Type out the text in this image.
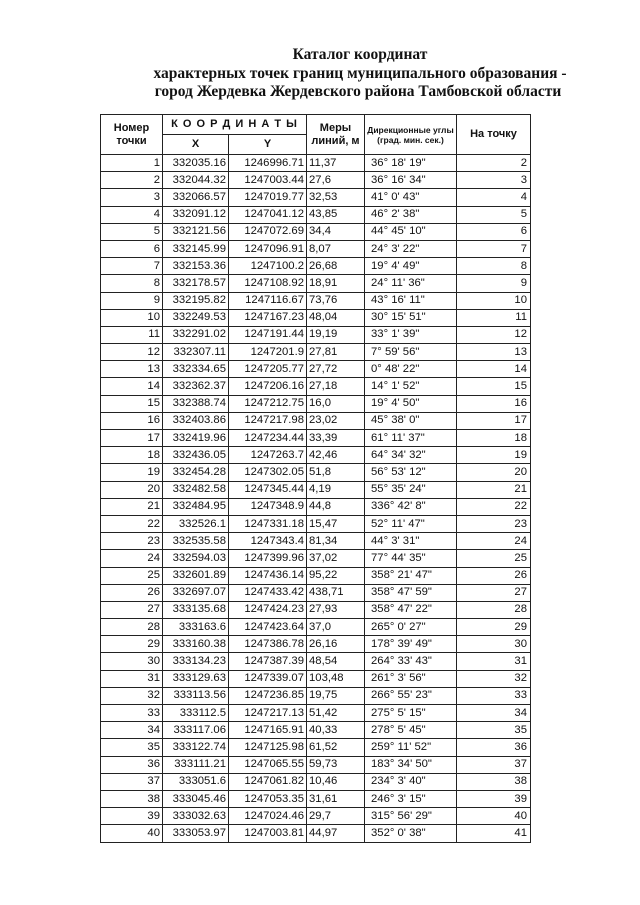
Каталог координат
характерных точек границ муниципального образования -
город Жердевка Жердевского района Тамбовской области
Номер точки	К О О Р Д И Н А Т Ы		Меры линий, м	Дирекционные углы (град. мин. сек.)	На точку
	X	Y			
1	332035.16	1246996.71	11,37	36° 18' 19"	2
2	332044.32	1247003.44	27,6	36° 16' 34"	3
3	332066.57	1247019.77	32,53	41° 0' 43"	4
4	332091.12	1247041.12	43,85	46° 2' 38"	5
5	332121.56	1247072.69	34,4	44° 45' 10"	6
6	332145.99	1247096.91	8,07	24° 3' 22"	7
7	332153.36	1247100.2	26,68	19° 4' 49"	8
8	332178.57	1247108.92	18,91	24° 11' 36"	9
9	332195.82	1247116.67	73,76	43° 16' 11"	10
10	332249.53	1247167.23	48,04	30° 15' 51"	11
11	332291.02	1247191.44	19,19	33° 1' 39"	12
12	332307.11	1247201.9	27,81	7° 59' 56"	13
13	332334.65	1247205.77	27,72	0° 48' 22"	14
14	332362.37	1247206.16	27,18	14° 1' 52"	15
15	332388.74	1247212.75	16,0	19° 4' 50"	16
16	332403.86	1247217.98	23,02	45° 38' 0"	17
17	332419.96	1247234.44	33,39	61° 11' 37"	18
18	332436.05	1247263.7	42,46	64° 34' 32"	19
19	332454.28	1247302.05	51,8	56° 53' 12"	20
20	332482.58	1247345.44	4,19	55° 35' 24"	21
21	332484.95	1247348.9	44,8	336° 42' 8"	22
22	332526.1	1247331.18	15,47	52° 11' 47"	23
23	332535.58	1247343.4	81,34	44° 3' 31"	24
24	332594.03	1247399.96	37,02	77° 44' 35"	25
25	332601.89	1247436.14	95,22	358° 21' 47"	26
26	332697.07	1247433.42	438,71	358° 47' 59"	27
27	333135.68	1247424.23	27,93	358° 47' 22"	28
28	333163.6	1247423.64	37,0	265° 0' 27"	29
29	333160.38	1247386.78	26,16	178° 39' 49"	30
30	333134.23	1247387.39	48,54	264° 33' 43"	31
31	333129.63	1247339.07	103,48	261° 3' 56"	32
32	333113.56	1247236.85	19,75	266° 55' 23"	33
33	333112.5	1247217.13	51,42	275° 5' 15"	34
34	333117.06	1247165.91	40,33	278° 5' 45"	35
35	333122.74	1247125.98	61,52	259° 11' 52"	36
36	333111.21	1247065.55	59,73	183° 34' 50"	37
37	333051.6	1247061.82	10,46	234° 3' 40"	38
38	333045.46	1247053.35	31,61	246° 3' 15"	39
39	333032.63	1247024.46	29,7	315° 56' 29"	40
40	333053.97	1247003.81	44,97	352° 0' 38"	41
